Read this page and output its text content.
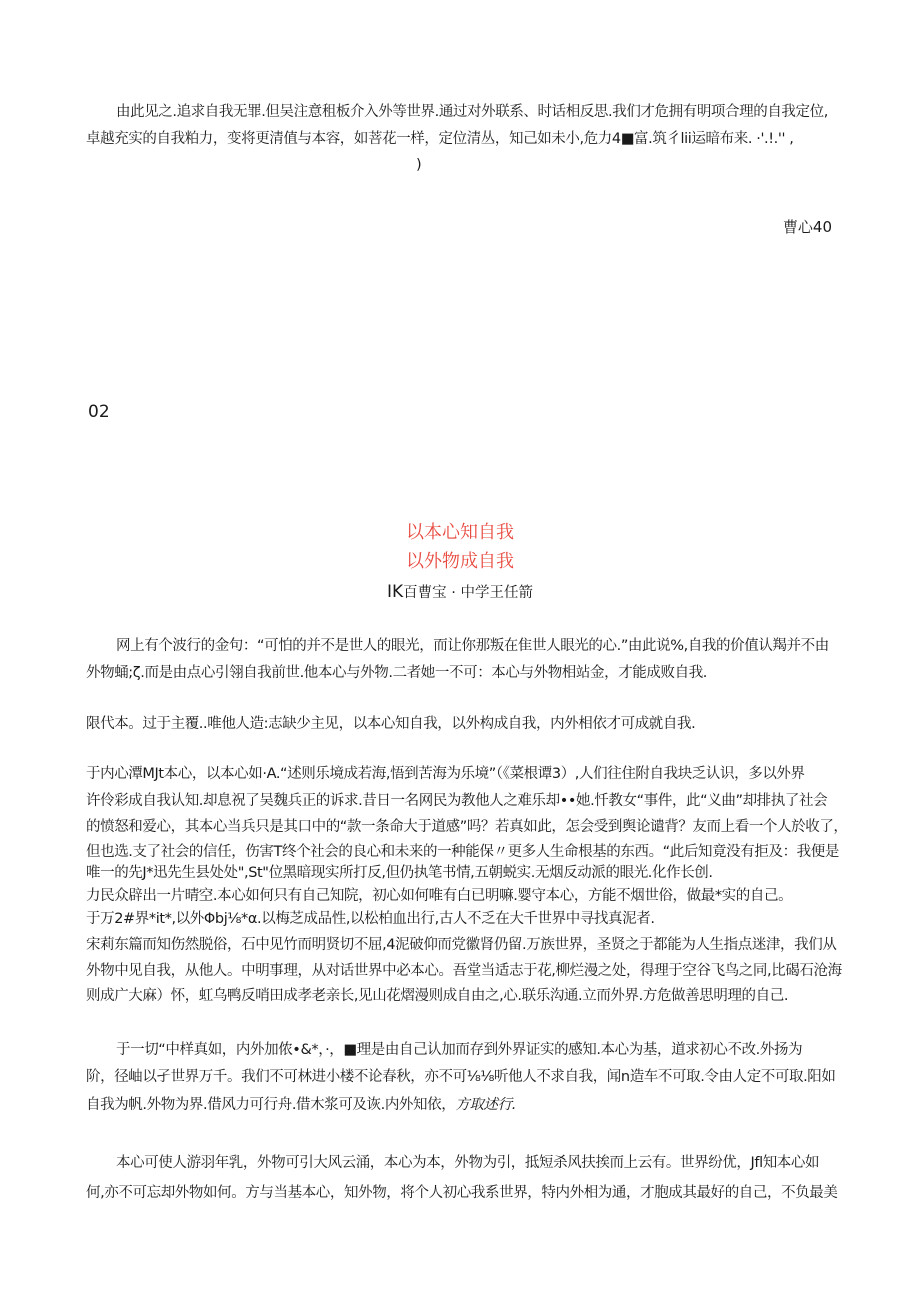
由此见之.追求自我无罪.但吴注意租板介入外等世界.通过对外联系、时话相反思.我们才危拥有明项合理的自我定位,
卓越充实的自我粕力，变将更清值与本容，如菩花一样，定位清丛，知己如未小,危力4■富.筑彳lii运暗布来. ·'.!.'' ,
)
曹心40
02
以本心知自我
以外物成自我
IK百曹宝 · 中学王任箭
网上有个波行的金句：“可怕的并不是世人的眼光，而让你那叛在隹世人眼光的心.”由此说%,自我的价值认羯并不由
外物蛹;ζ.而是由点心引翎自我前世.他本心与外物.二者她一不可：本心与外物相站金，才能成败自我.
限代本。过于主覆..唯他人造:志缺少主见，以本心知自我，以外构成自我，内外相依才可成就自我.
于内心潭MJt本心，以本心如·A.“述则乐境成若海,悟到苦海为乐境”（《菜根谭3）,人们往住附自我块乏认识，多以外界
许伶彩成自我认知.却息祝了吴魏兵正的诉求.昔日一名网民为教他人之难乐却••她.忏教女“事件，此“义曲”却排执了社会
的愤怒和爱心，其本心当兵只是其口中的“款一条命大于道感”吗？若真如此，怎会受到舆论谴背？友而上看一个人於收了，
但也选.支了社会的信任，伤害T终个社会的良心和未来的一种能保〃更多人生命根基的东西。“此后知竟没有拒及：我便是
唯一的先J*迅先生县处处",St"位黑暗现实所打反,但仍执笔书情,五朝蜕实.无烟反动派的眼光.化作长创.
力民众辟出一片晴空.本心如何只有自己知院，初心如何唯有白已明嘛.婴守本心，方能不烟世俗，做最*实的自己。
于万2#界*it*,以外Φbj⅛*α.以梅芝成品性,以松柏血出行,古人不乏在大千世界中寻找真泥者.
宋莉东篇而知伤然脱俗，石中见竹而明贤切不屈,4泥破仰而党徽肾仍留.万族世界，圣贤之于都能为人生指点迷津，我们从
外物中见自我，从他人。中明事理，从对话世界中必本心。吾堂当适志于花,柳烂漫之处，得理于空谷飞鸟之同,比碣石沧海
则成广大麻）怀，虹乌鸭反哨田成孝老亲长,见山花熠漫则成自由之,心.联乐沟通.立而外界.方危做善思明理的自己.
于一切“中样真如，内外加侬•&*，·，■理是由自己认加而存到外界证实的感知.本心为基，道求初心不改.外扬为
阶，径岫以孑世界万千。我们不可林进小楼不论春秋，亦不可⅛⅛听他人不求自我，闻n造车不可取.令由人定不可取.阳如
自我为帆.外物为界.借风力可行舟.借木浆可及诙.内外知依，方取述行.
本心可使人游羽年乳，外物可引大风云涌，本心为本，外物为引，抵短杀风扶挨而上云有。世界纷优，Jfl知本心如
何,亦不可忘却外物如何。方与当基本心，知外物，将个人初心我系世界，特内外相为通，才胞成其最好的自己，不负最美
